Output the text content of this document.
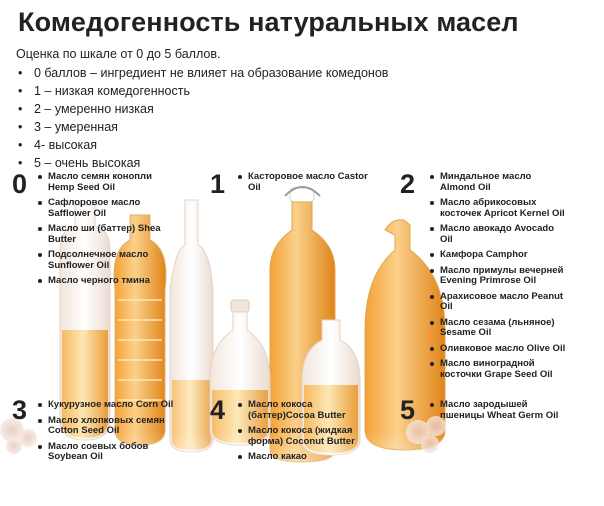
Комедогенность натуральных масел
Оценка по шкале от 0 до 5 баллов.
• 0 баллов – ингредиент не влияет на образование комедонов
• 1 – низкая комедогенность
• 2 – умеренно низкая
• 3 – умеренная
• 4- высокая
• 5 – очень высокая
0 Масло семян конопли
Hemp Seed Oil
Сафлоровое масло
Safflower Oil
Масло ши (баттер) Shea
Butter
Подсолнечное масло
Sunflower Oil
Масло черного тмина
1 Касторовое масло Castor
Oil	2	Миндальное масло
Almond Oil
Масло абрикосовых
косточек Apricot Kernel Oil
Масло авокадо Avocado
Oil
Камфора Camphor
Масло примулы вечерней
Evening Primrose Oil
Арахисовое масло Peanut
Oil
Масло сезама (льняное)
Sesame Oil
Оливковое масло Olive Oil
Масло виноградной
косточки Grape Seed Oil
3 Кукурузное масло Corn Oil
Масло хлопковых семян
Cotton Seed Oil
Масло соевых бобов
Soybean Oil
4 Масло кокоса
(баттер)Cocoa Butter
Масло кокоса (жидкая
форма) Coconut Butter
Масло какао
5	Масло зародышей
пшеницы Wheat Germ Oil
